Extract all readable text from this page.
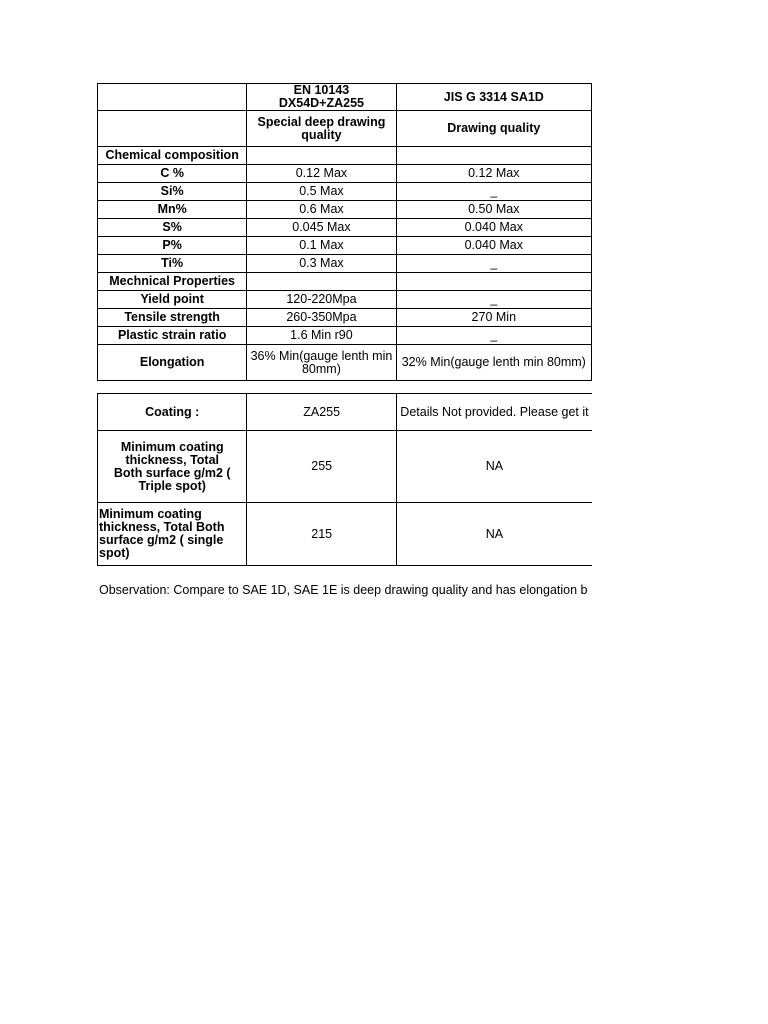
	EN 10143 DX54D+ZA255	JIS G 3314 SA1D
	Special deep drawing quality	Drawing quality
Chemical composition		
C %	0.12 Max	0.12 Max
Si%	0.5 Max	_
Mn%	0.6 Max	0.50 Max
S%	0.045 Max	0.040 Max
P%	0.1 Max	0.040 Max
Ti%	0.3 Max	_
Mechnical Properties		
Yield point	120-220Mpa	_
Tensile strength	260-350Mpa	270 Min
Plastic strain ratio	1.6 Min r90	_
Elongation	36% Min(gauge lenth min 80mm)	32% Min(gauge lenth min 80mm)
Coating :	ZA255	Details Not provided. Please get it
Minimum coating thickness, Total Both surface g/m2 ( Triple spot)	255	NA
Minimum coating thickness, Total Both surface g/m2 ( single spot)	215	NA
Observation: Compare to SAE 1D, SAE 1E is deep drawing quality and has elongation b
